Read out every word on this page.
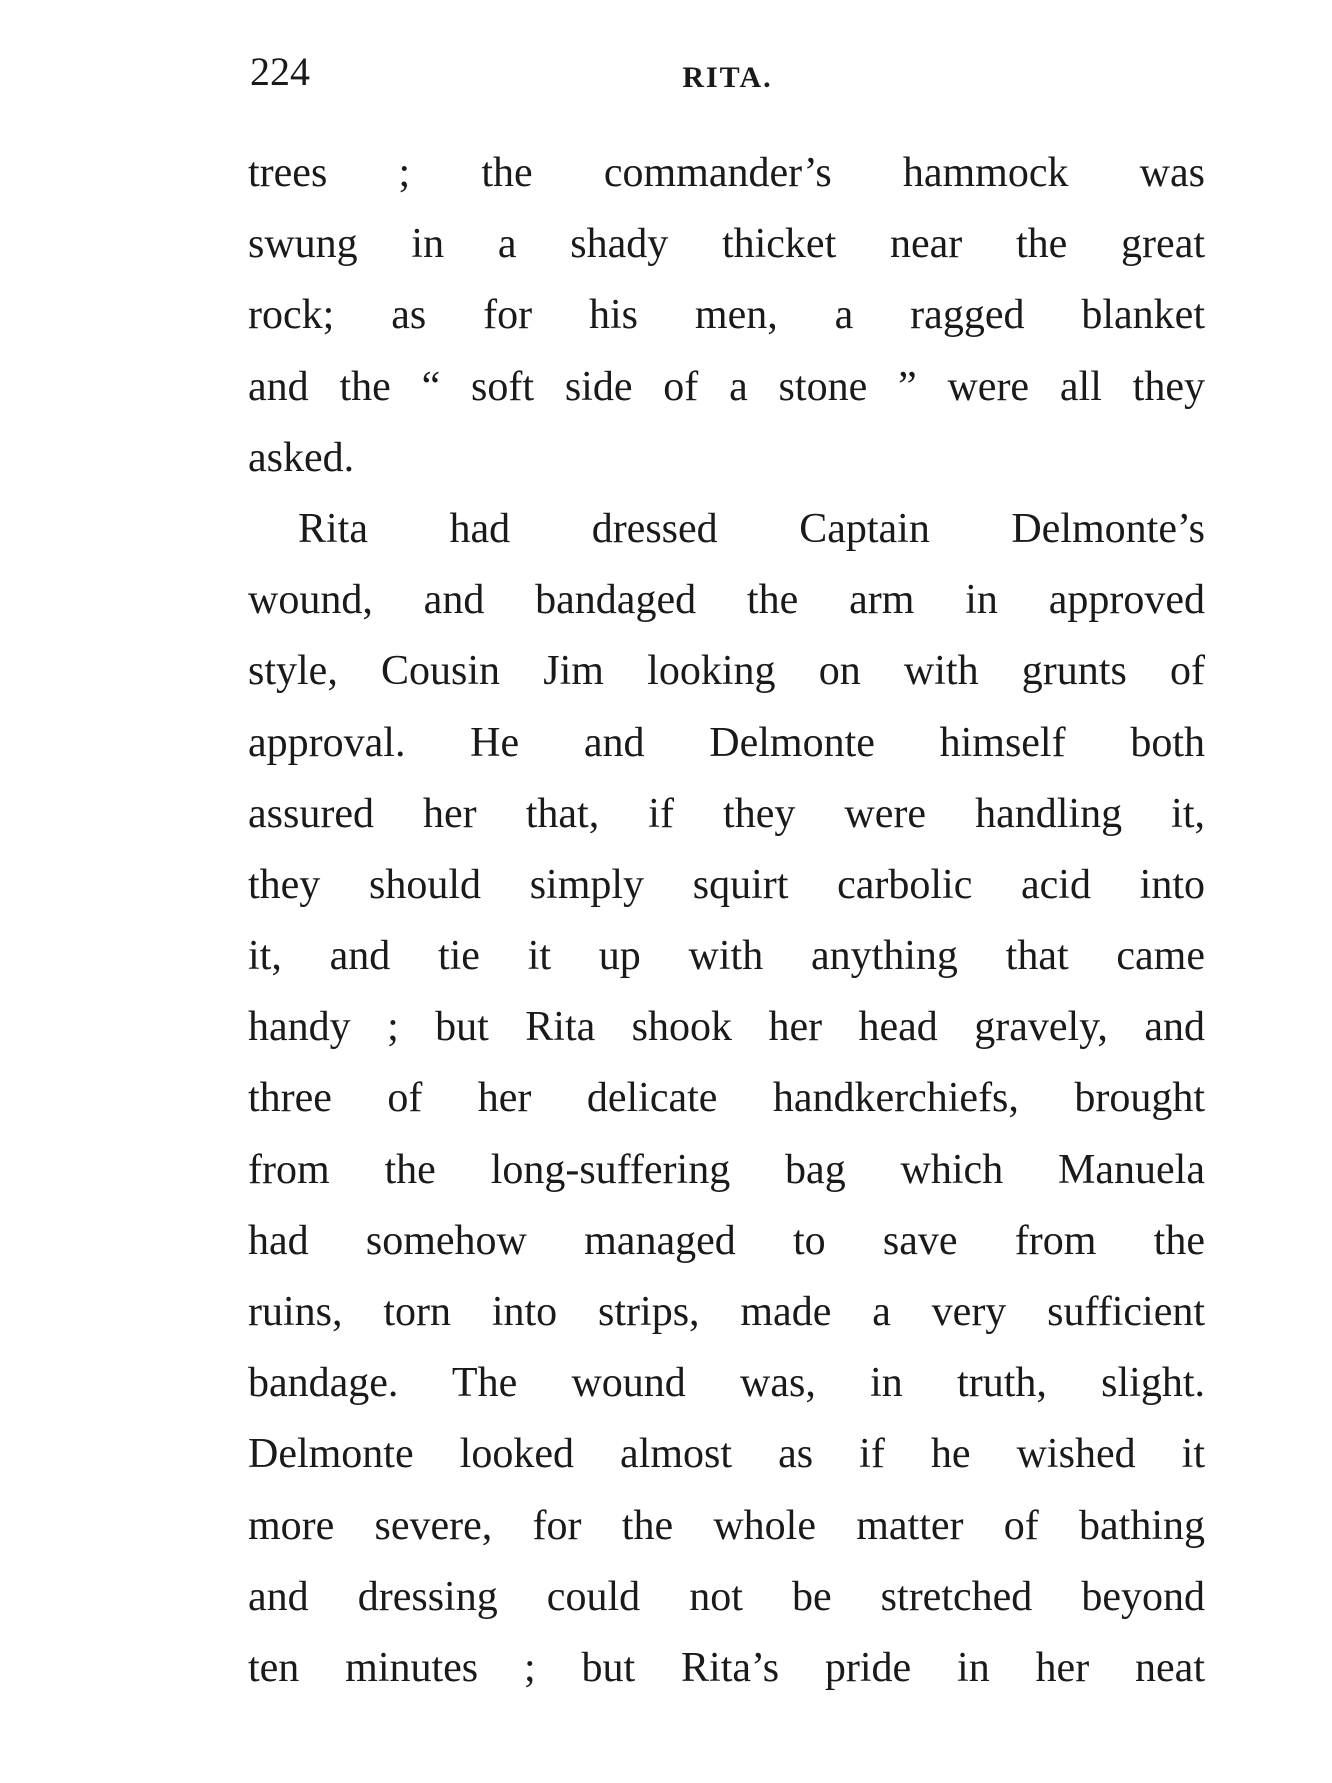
224	RITA.
trees ; the commander’s hammock was
swung in a shady thicket near the great
rock; as for his men, a ragged blanket
and the “ soft side of a stone ” were all they
asked.
Rita had dressed Captain Delmonte’s
wound, and bandaged the arm in approved
style, Cousin Jim looking on with grunts of
approval. He and Delmonte himself both
assured her that, if they were handling it,
they should simply squirt carbolic acid into
it, and tie it up with anything that came
handy ; but Rita shook her head gravely, and
three of her delicate handkerchiefs, brought
from the long-suffering bag which Manuela
had somehow managed to save from the
ruins, torn into strips, made a very sufficient
bandage. The wound was, in truth, slight.
Delmonte looked almost as if he wished it
more severe, for the whole matter of bathing
and dressing could not be stretched beyond
ten minutes ; but Rita’s pride in her neat
